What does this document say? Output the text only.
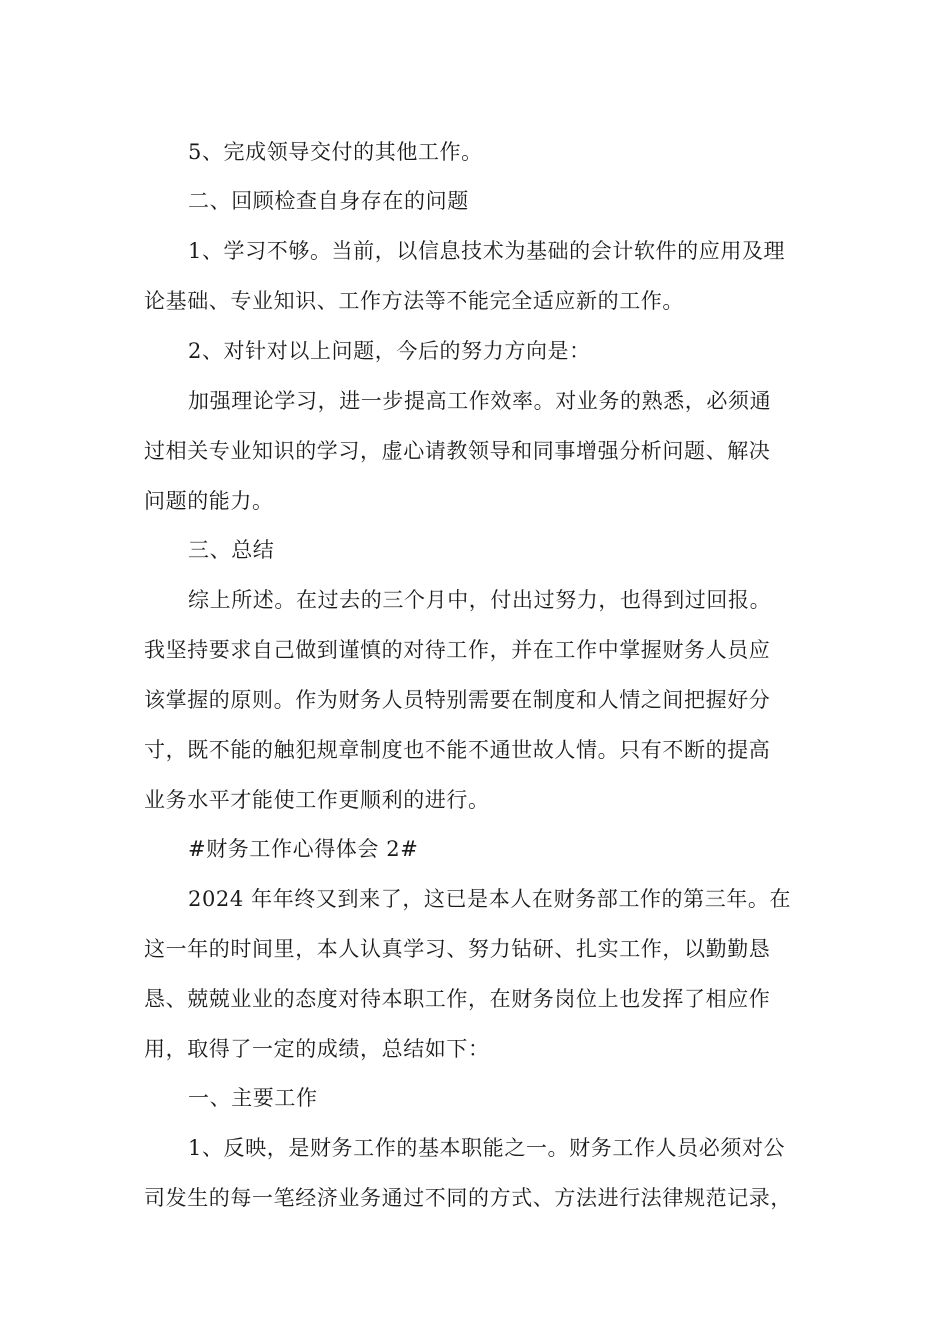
5、完成领导交付的其他工作。
二、回顾检查自身存在的问题
1、学习不够。当前，以信息技术为基础的会计软件的应用及理
论基础、专业知识、工作方法等不能完全适应新的工作。
2、对针对以上问题，今后的努力方向是：
加强理论学习，进一步提高工作效率。对业务的熟悉，必须通
过相关专业知识的学习，虚心请教领导和同事增强分析问题、解决
问题的能力。
三、总结
综上所述。在过去的三个月中，付出过努力，也得到过回报。
我坚持要求自己做到谨慎的对待工作，并在工作中掌握财务人员应
该掌握的原则。作为财务人员特别需要在制度和人情之间把握好分
寸，既不能的触犯规章制度也不能不通世故人情。只有不断的提高
业务水平才能使工作更顺利的进行。
#财务工作心得体会 2#
2024 年年终又到来了，这已是本人在财务部工作的第三年。在
这一年的时间里，本人认真学习、努力钻研、扎实工作，以勤勤恳
恳、兢兢业业的态度对待本职工作，在财务岗位上也发挥了相应作
用，取得了一定的成绩，总结如下：
一、主要工作
1、反映，是财务工作的基本职能之一。财务工作人员必须对公
司发生的每一笔经济业务通过不同的方式、方法进行法律规范记录，
